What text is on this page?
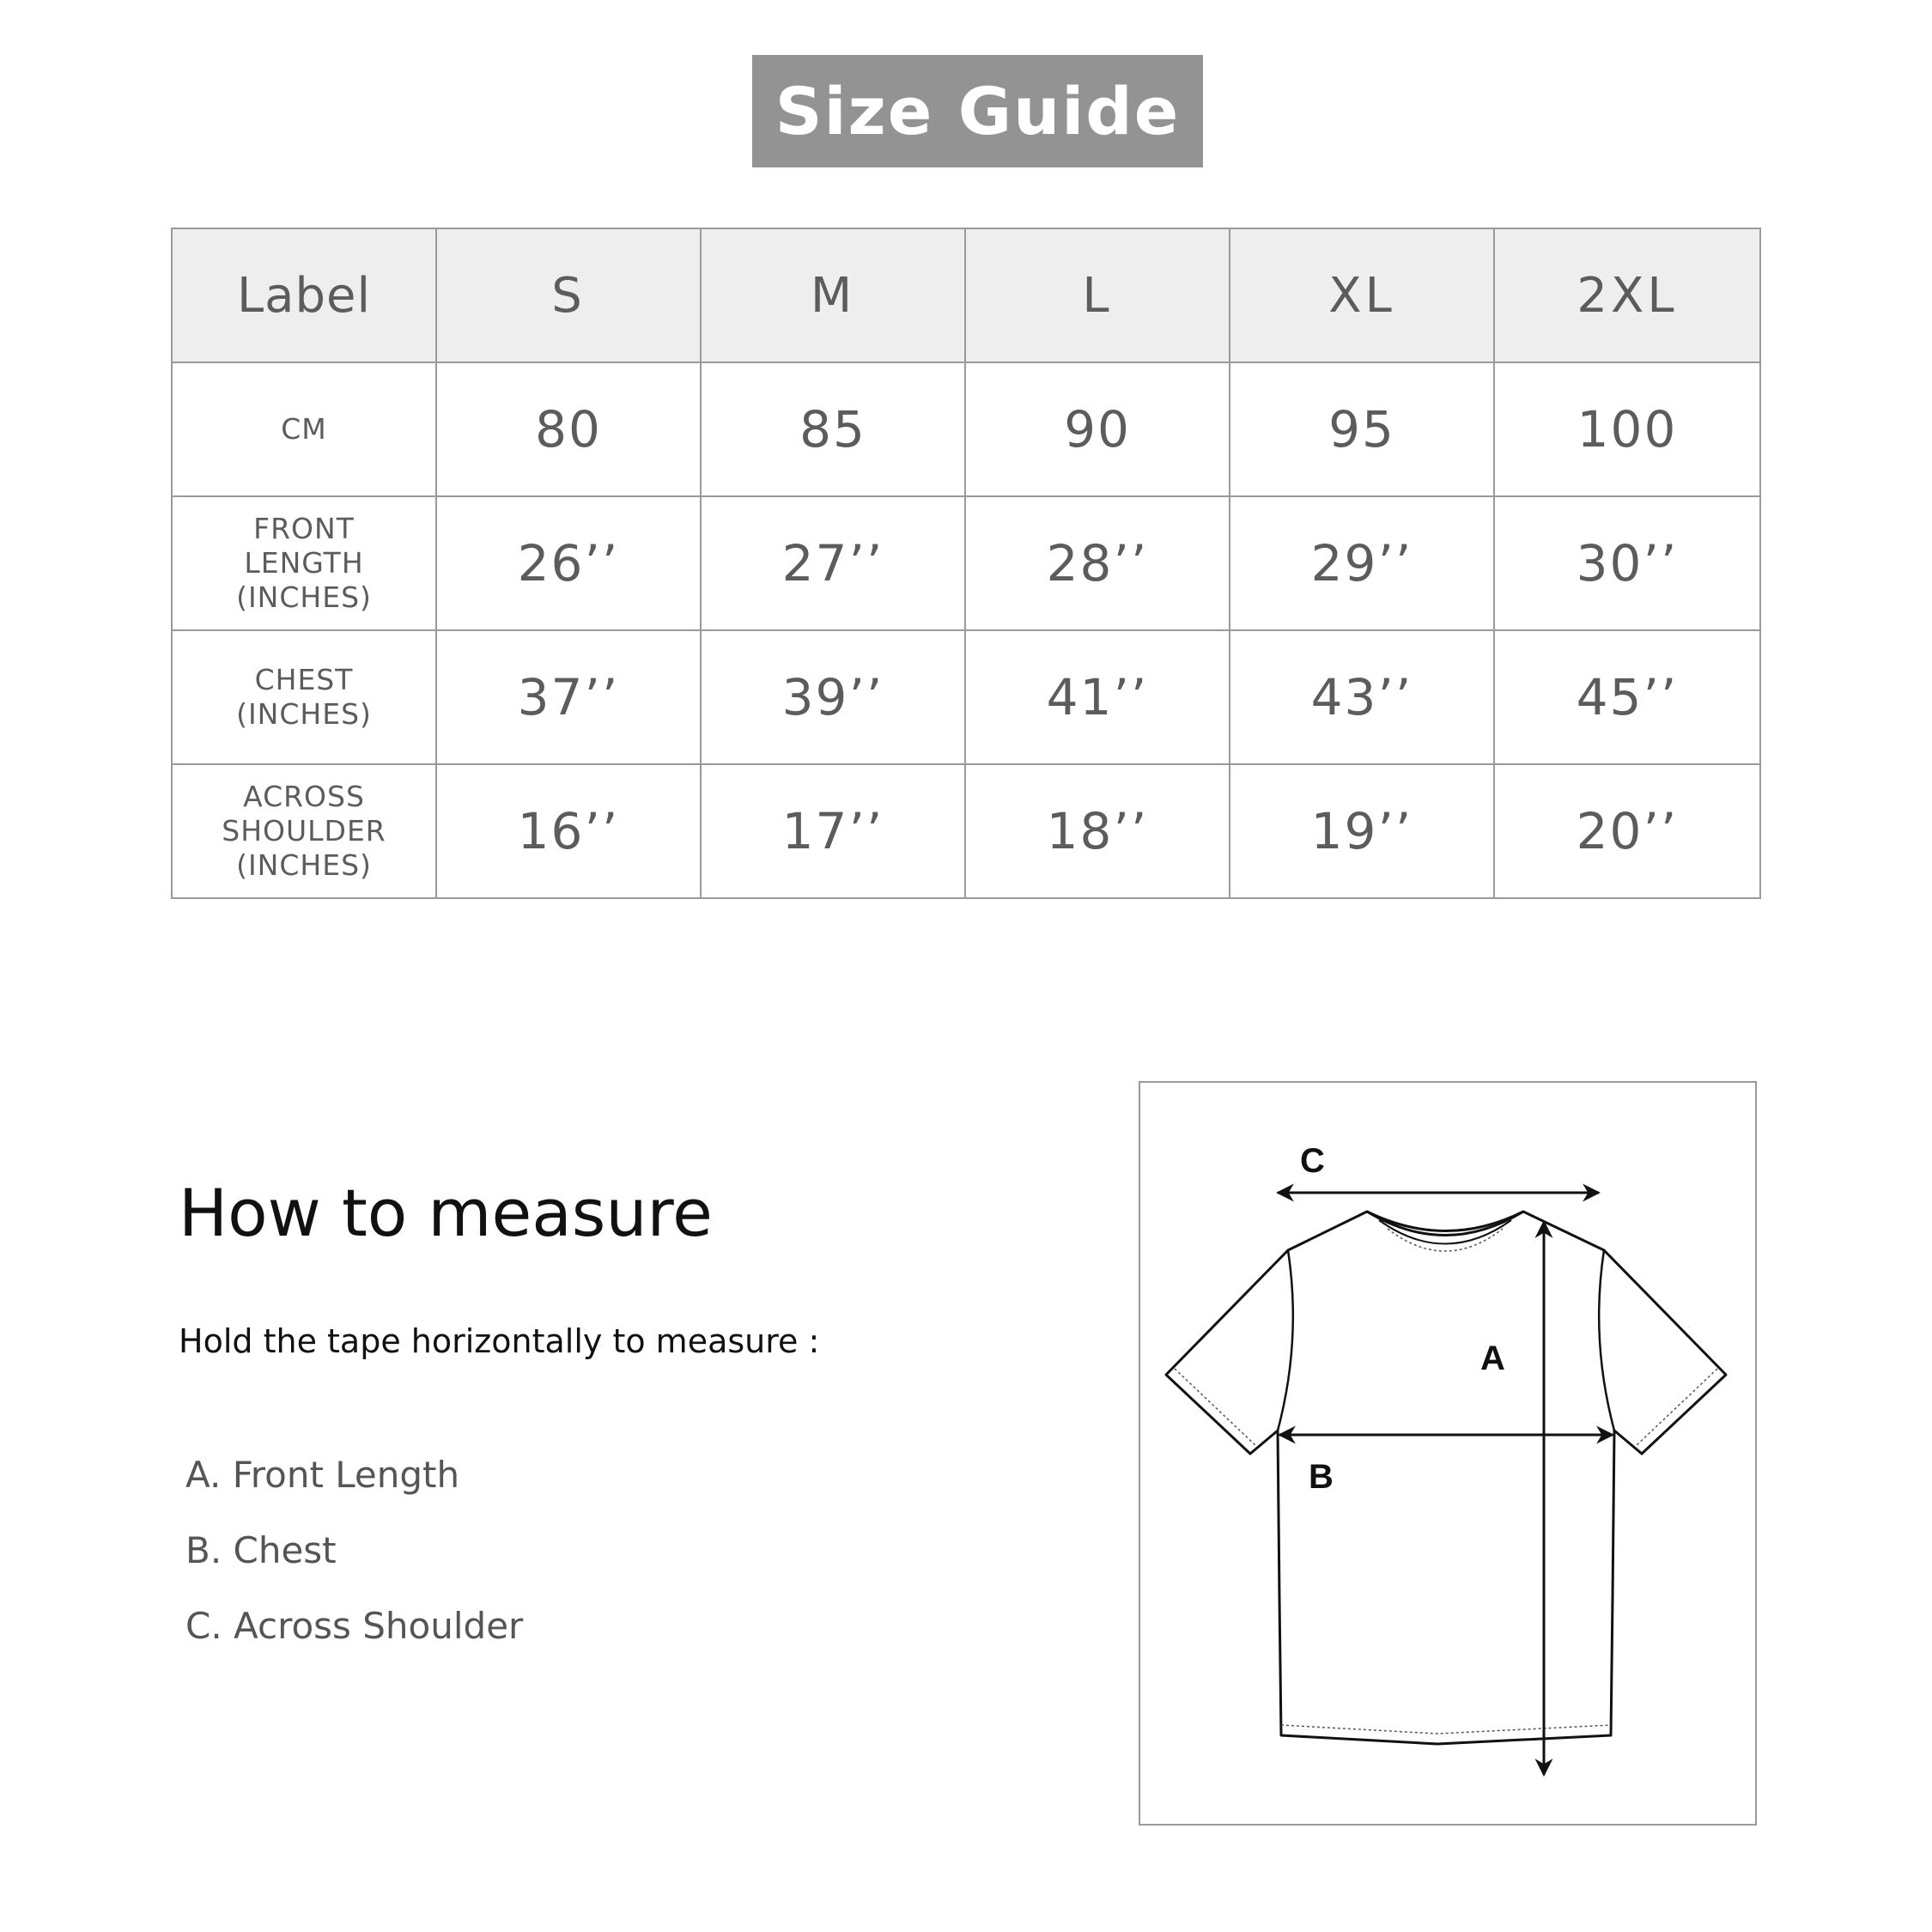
Size Guide
Label	S	M	L	XL	2XL

CM	80	85	90	95	100

FRONT
LENGTH
(INCHES)	26’’	27’’	28’’	29’’	30’’

CHEST
(INCHES)	37’’	39’’	41’’	43’’	45’’

ACROSS
SHOULDER
(INCHES)	16’’	17’’	18’’	19’’	20’’
How to measure
Hold the tape horizontally to measure :
A. Front Length
B. Chest
C. Across Shoulder
C
A
B
